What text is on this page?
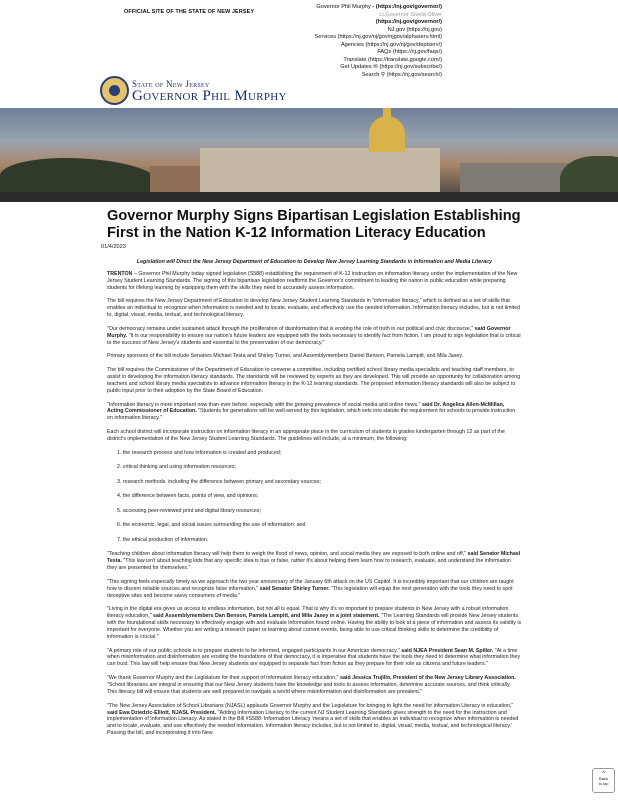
OFFICIAL SITE OF THE STATE OF NEW JERSEY
Governor Phil Murphy - (https://nj.gov/governor/)
Lt.Governor Sheila Oliver
(https://nj.gov/governor/)
NJ.gov (https://nj.gov)
Services (https://nj.gov/nj/gov/njgov/alphaserv.html)
Agencies (https://nj.gov/nj/gov/deptserv/)
FAQs (https://nj.gov/faqs/)
Translate (https://translate.google.com/)
Get Updates ✉ (https://nj.gov/subscribe/)
Search ⚲ (https://nj.gov/search/)
State of New Jersey
Governor Phil Murphy
Governor Murphy Signs Bipartisan Legislation Establishing First in the Nation K-12 Information Literacy Education
01/4/2023

Legislation will Direct the New Jersey Department of Education to Develop New Jersey Learning Standards in Information and Media Literacy

TRENTON – Governor Phil Murphy today signed legislation (S588) establishing the requirement of K-12 instruction on information literacy under the implementation of the New Jersey Student Learning Standards. The signing of this bipartisan legislation reaffirms the Governor's commitment to leading the nation in public education while preparing students for lifelong learning by equipping them with the skills they need to accurately assess information.

The bill requires the New Jersey Department of Education to develop New Jersey Student Learning Standards in "information literacy," which is defined as a set of skills that enables an individual to recognize when information is needed and to locate, evaluate, and effectively use the needed information. Information literacy includes, but is not limited to, digital, visual, media, textual, and technological literacy.

"Our democracy remains under sustained attack through the proliferation of disinformation that is eroding the role of truth in our political and civic discourse," said Governor Murphy. "It is our responsibility to ensure our nation's future leaders are equipped with the tools necessary to identify fact from fiction. I am proud to sign legislation that is critical to the success of New Jersey's students and essential to the preservation of our democracy."

Primary sponsors of the bill include Senators Michael Testa and Shirley Turner, and Assemblymembers Daniel Benson, Pamela Lampitt, and Mila Jasey.

The bill requires the Commissioner of the Department of Education to convene a committee, including certified school library media specialists and teaching staff members, to assist in developing the information literacy standards. The standards will be reviewed by experts as they are developed. This will provide an opportunity for collaboration among teachers and school library media specialists to advance information literacy in the K-12 learning standards. The proposed information literacy standards will also be subject to public input prior to their adoption by the State Board of Education.

"Information literacy is more important now than ever before, especially with the growing prevalence of social media and online news," said Dr. Angelica Allen-McMillan, Acting Commissioner of Education. "Students for generations will be well-served by this legislation, which sets into statute the requirement for schools to provide instruction on information literacy."

Each school district will incorporate instruction on information literacy in an appropriate place in the curriculum of students in grades kindergarten through 12 as part of the district's implementation of the New Jersey Student Learning Standards. The guidelines will include, at a minimum, the following:

1. the research process and how information is created and produced;
2. critical thinking and using information resources;
3. research methods, including the difference between primary and secondary sources;
4. the difference between facts, points of view, and opinions;
5. accessing peer-reviewed print and digital library resources;
6. the economic, legal, and social issues surrounding the use of information; and
7. the ethical production of information.

"Teaching children about information literacy will help them to weigh the flood of news, opinion, and social media they are exposed to both online and off," said Senator Michael Testa. "This law isn't about teaching kids that any specific idea is true or false, rather it's about helping them learn how to research, evaluate, and understand the information they are presented for themselves."

"This signing feels especially timely as we approach the two year anniversary of the January 6th attack on the US Capitol. It is incredibly important that our children are taught how to discern reliable sources and recognize false information," said Senator Shirley Turner. "This legislation will equip the next generation with the tools they need to spot deceptive sites and become savvy consumers of media."

"Living in the digital era gives us access to endless information, but not all is equal. That is why it's so important to prepare students in New Jersey with a robust information literacy education," said Assemblymembers Dan Benson, Pamela Lampitt, and Mila Jasey in a joint statement. "The Learning Standards will provide New Jersey students with the foundational skills necessary to effectively engage with and evaluate information found online. Having the ability to look at a piece of information and assess its validity is important for everyone. Whether you are writing a research paper or learning about current events, being able to use critical thinking skills to determine the credibility of information is crucial."

"A primary role of our public schools is to prepare students to be informed, engaged participants in our American democracy," said NJEA President Sean M. Spiller. "At a time when misinformation and disinformation are eroding the foundations of that democracy, it is imperative that students have the tools they need to determine what information they can trust. This law will help ensure that New Jersey students are equipped to separate fact from fiction as they prepare for their role as citizens and future leaders."

"We thank Governor Murphy and the Legislature for their support of information literacy education," said Jessica Trujillo, President of the New Jersey Library Association. "School librarians are integral in ensuring that our New Jersey students have the knowledge and tools to assess information, determine accurate sources, and think critically. This literacy bill will ensure that students are well prepared to navigate a world where misinformation and disinformation are prevalent."

"The New Jersey Association of School Librarians (NJASL) applauds Governor Murphy and the Legislature for bringing to light the need for information Literacy in education," said Ewa Dziedzic-Elliott, NJASL President. "Adding Information Literacy to the current NJ Student Learning Standards gives strength to the need for the instruction and implementation of Information Literacy. As stated in the Bill #S588: Information Literacy 'means a set of skills that enables an individual to recognize when information is needed and to locate, evaluate, and use effectively the needed information. Information literacy includes, but is not limited to, digital, visual, media, textual, and technological literacy.' Passing the bill, and incorporating it into New

^
Back
to top
